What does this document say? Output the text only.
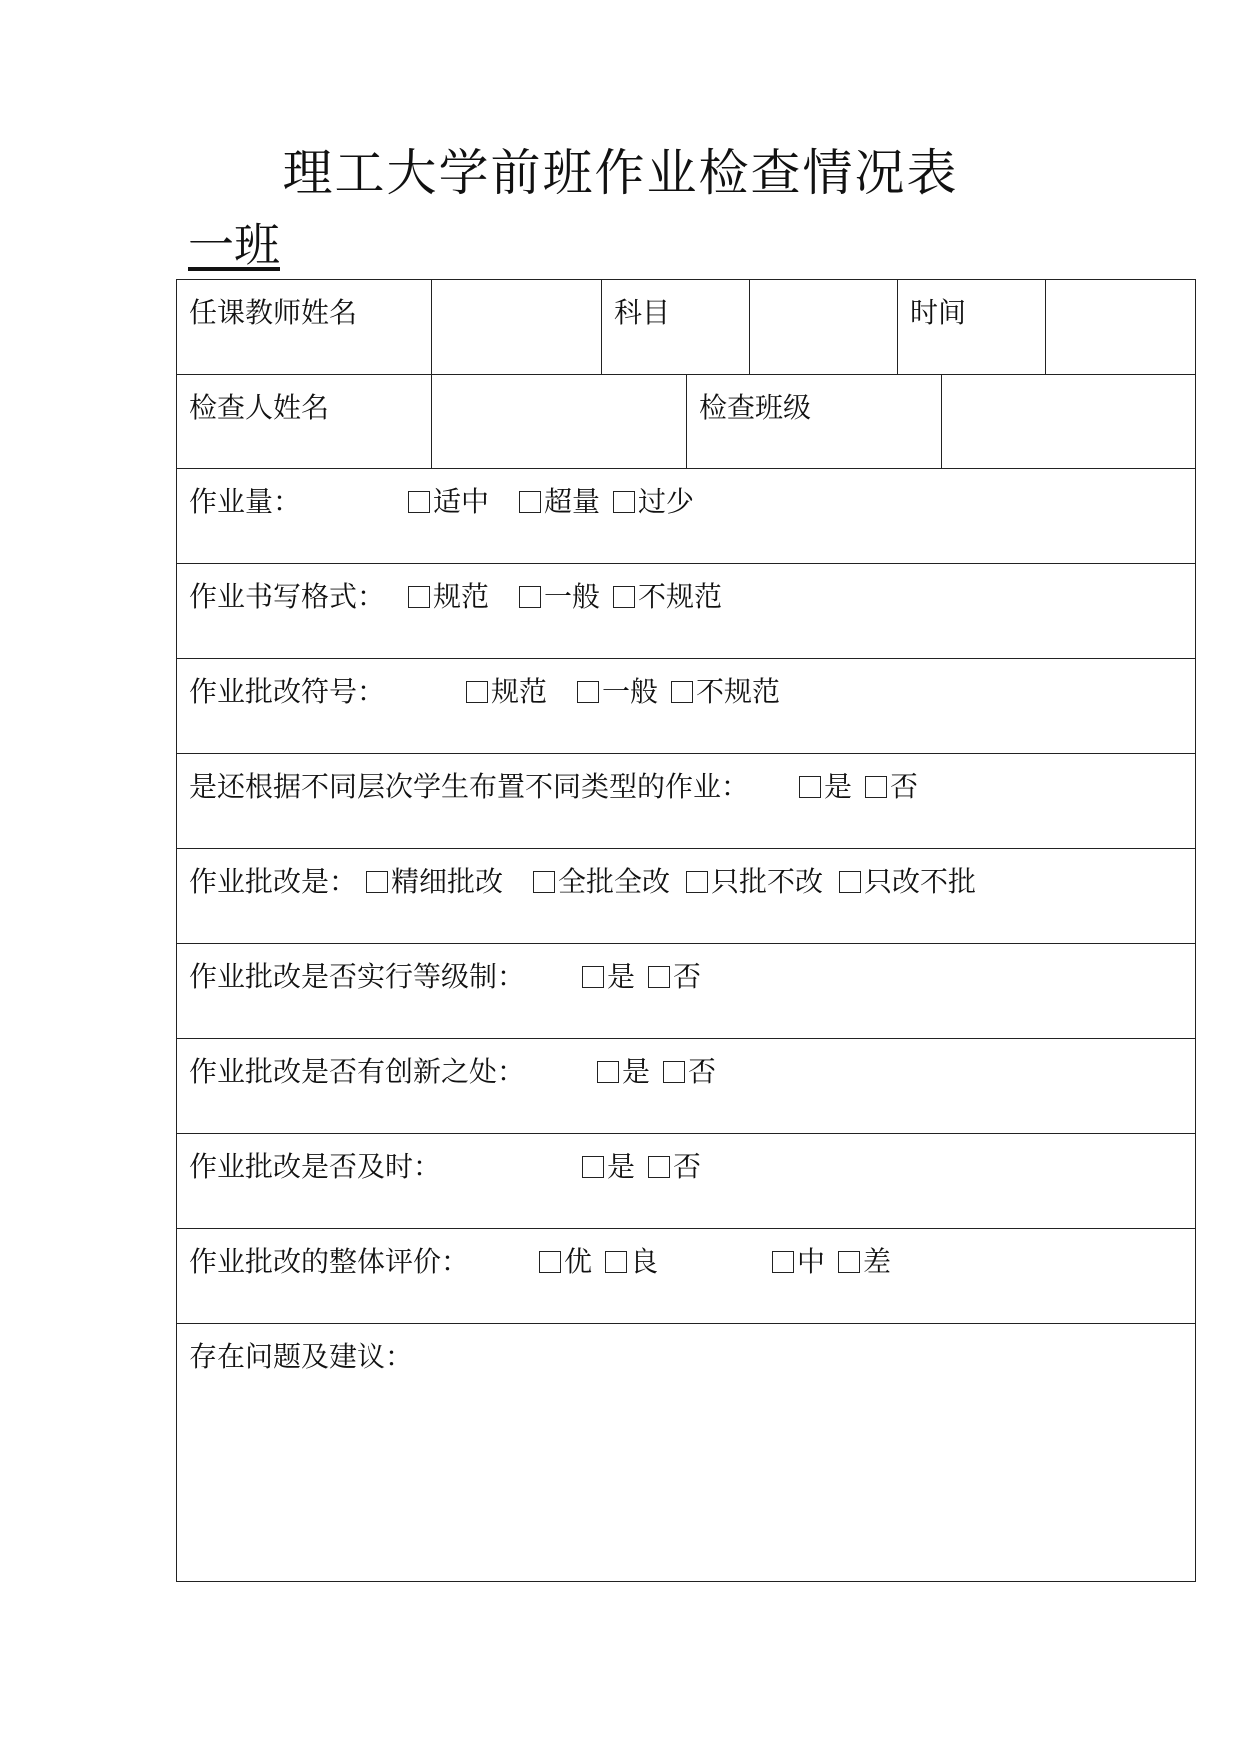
理工大学前班作业检查情况表
一班
任课教师姓名	科目	时间
检查人姓名	检查班级
作业量：	适中	超量	过少
作业书写格式：	规范	一般	不规范
作业批改符号：	规范	一般	不规范
是还根据不同层次学生布置不同类型的作业：	是	否
作业批改是：	精细批改	全批全改	只批不改	只改不批
作业批改是否实行等级制：	是	否
作业批改是否有创新之处：	是	否
作业批改是否及时：	是	否
作业批改的整体评价：	优	良	中	差
存在问题及建议：
